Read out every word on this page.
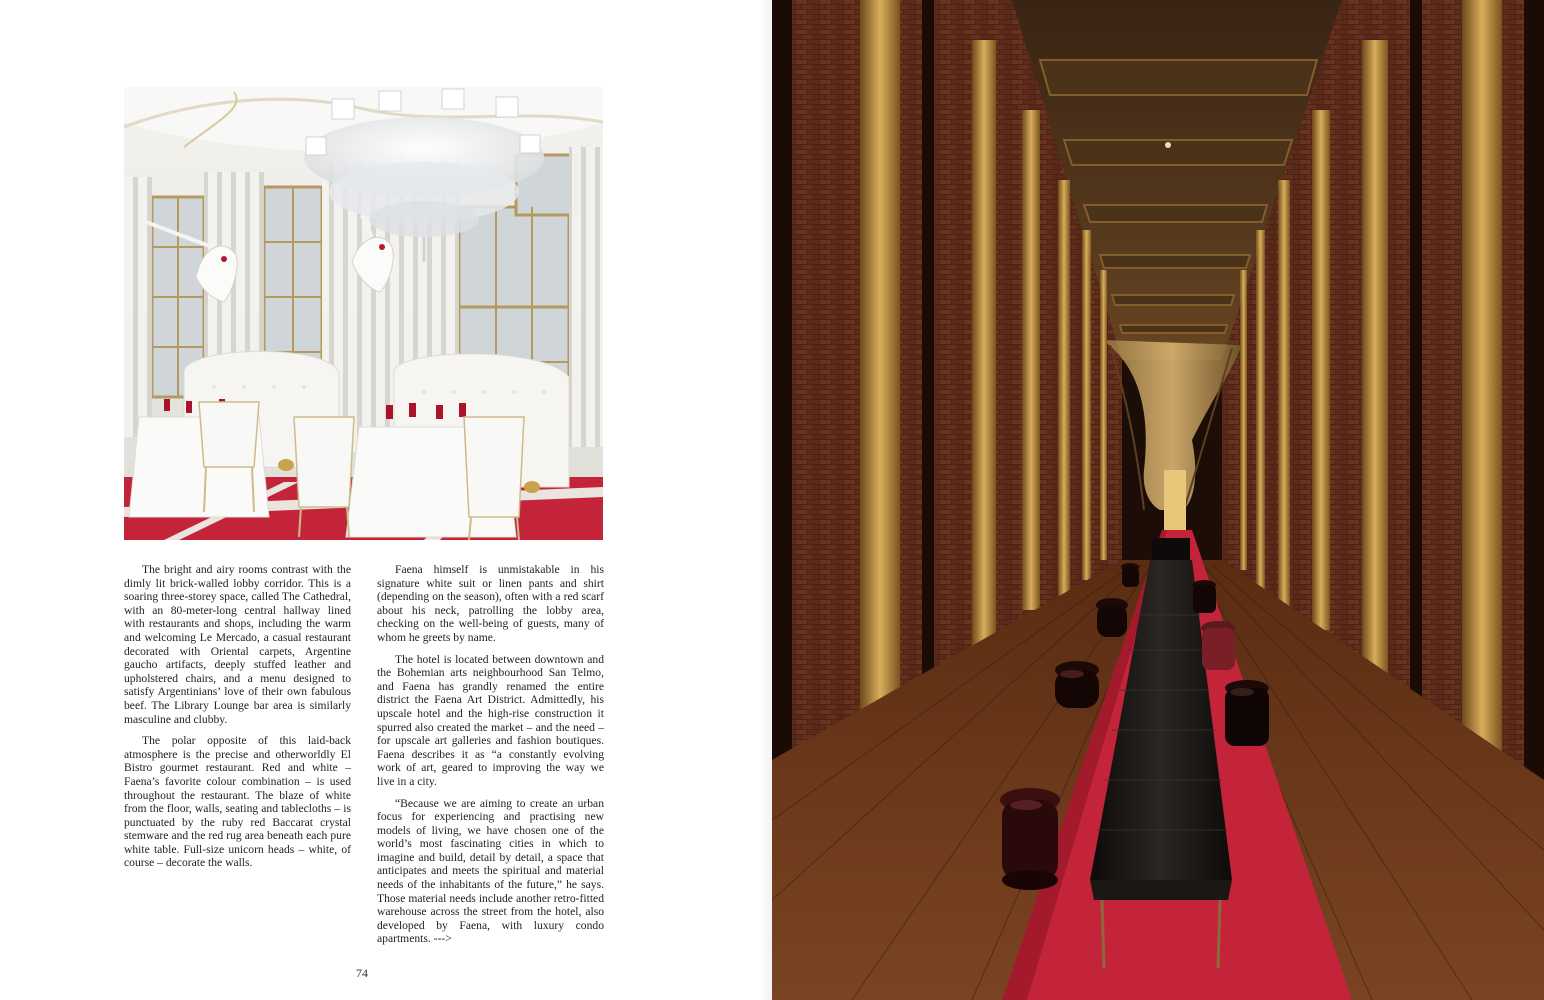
The bright and airy rooms contrast with the dimly lit brick-walled lobby corridor. This is a soaring three-storey space, called The Cathedral, with an 80-meter-long central hallway lined with restaurants and shops, including the warm and welcoming Le Mercado, a casual restaurant decorated with Oriental carpets, Argentine gaucho artifacts, deeply stuffed leather and upholstered chairs, and a menu designed to satisfy Argentinians’ love of their own fabulous beef. The Library Lounge bar area is similarly masculine and clubby.

The polar opposite of this laid-back atmosphere is the precise and otherworldly El Bistro gourmet restaurant. Red and white – Faena’s favorite colour combination – is used throughout the restaurant. The blaze of white from the floor, walls, seating and tablecloths – is punctuated by the ruby red Baccarat crystal stemware and the red rug area beneath each pure white table. Full-size unicorn heads – white, of course – decorate the walls.

Faena himself is unmistakable in his signature white suit or linen pants and shirt (depending on the season), often with a red scarf about his neck, patrolling the lobby area, checking on the well-being of guests, many of whom he greets by name.

The hotel is located between downtown and the Bohemian arts neighbourhood San Telmo, and Faena has grandly renamed the entire district the Faena Art District. Admittedly, his upscale hotel and the high-rise construction it spurred also created the market – and the need – for upscale art galleries and fashion boutiques. Faena describes it as “a constantly evolving work of art, geared to improving the way we live in a city.

“Because we are aiming to create an urban focus for experiencing and practising new models of living, we have chosen one of the world’s most fascinating cities in which to imagine and build, detail by detail, a space that anticipates and meets the spiritual and material needs of the inhabitants of the future,” he says. Those material needs include another retro-fitted warehouse across the street from the hotel, also developed by Faena, with luxury condo apartments. --->

74
